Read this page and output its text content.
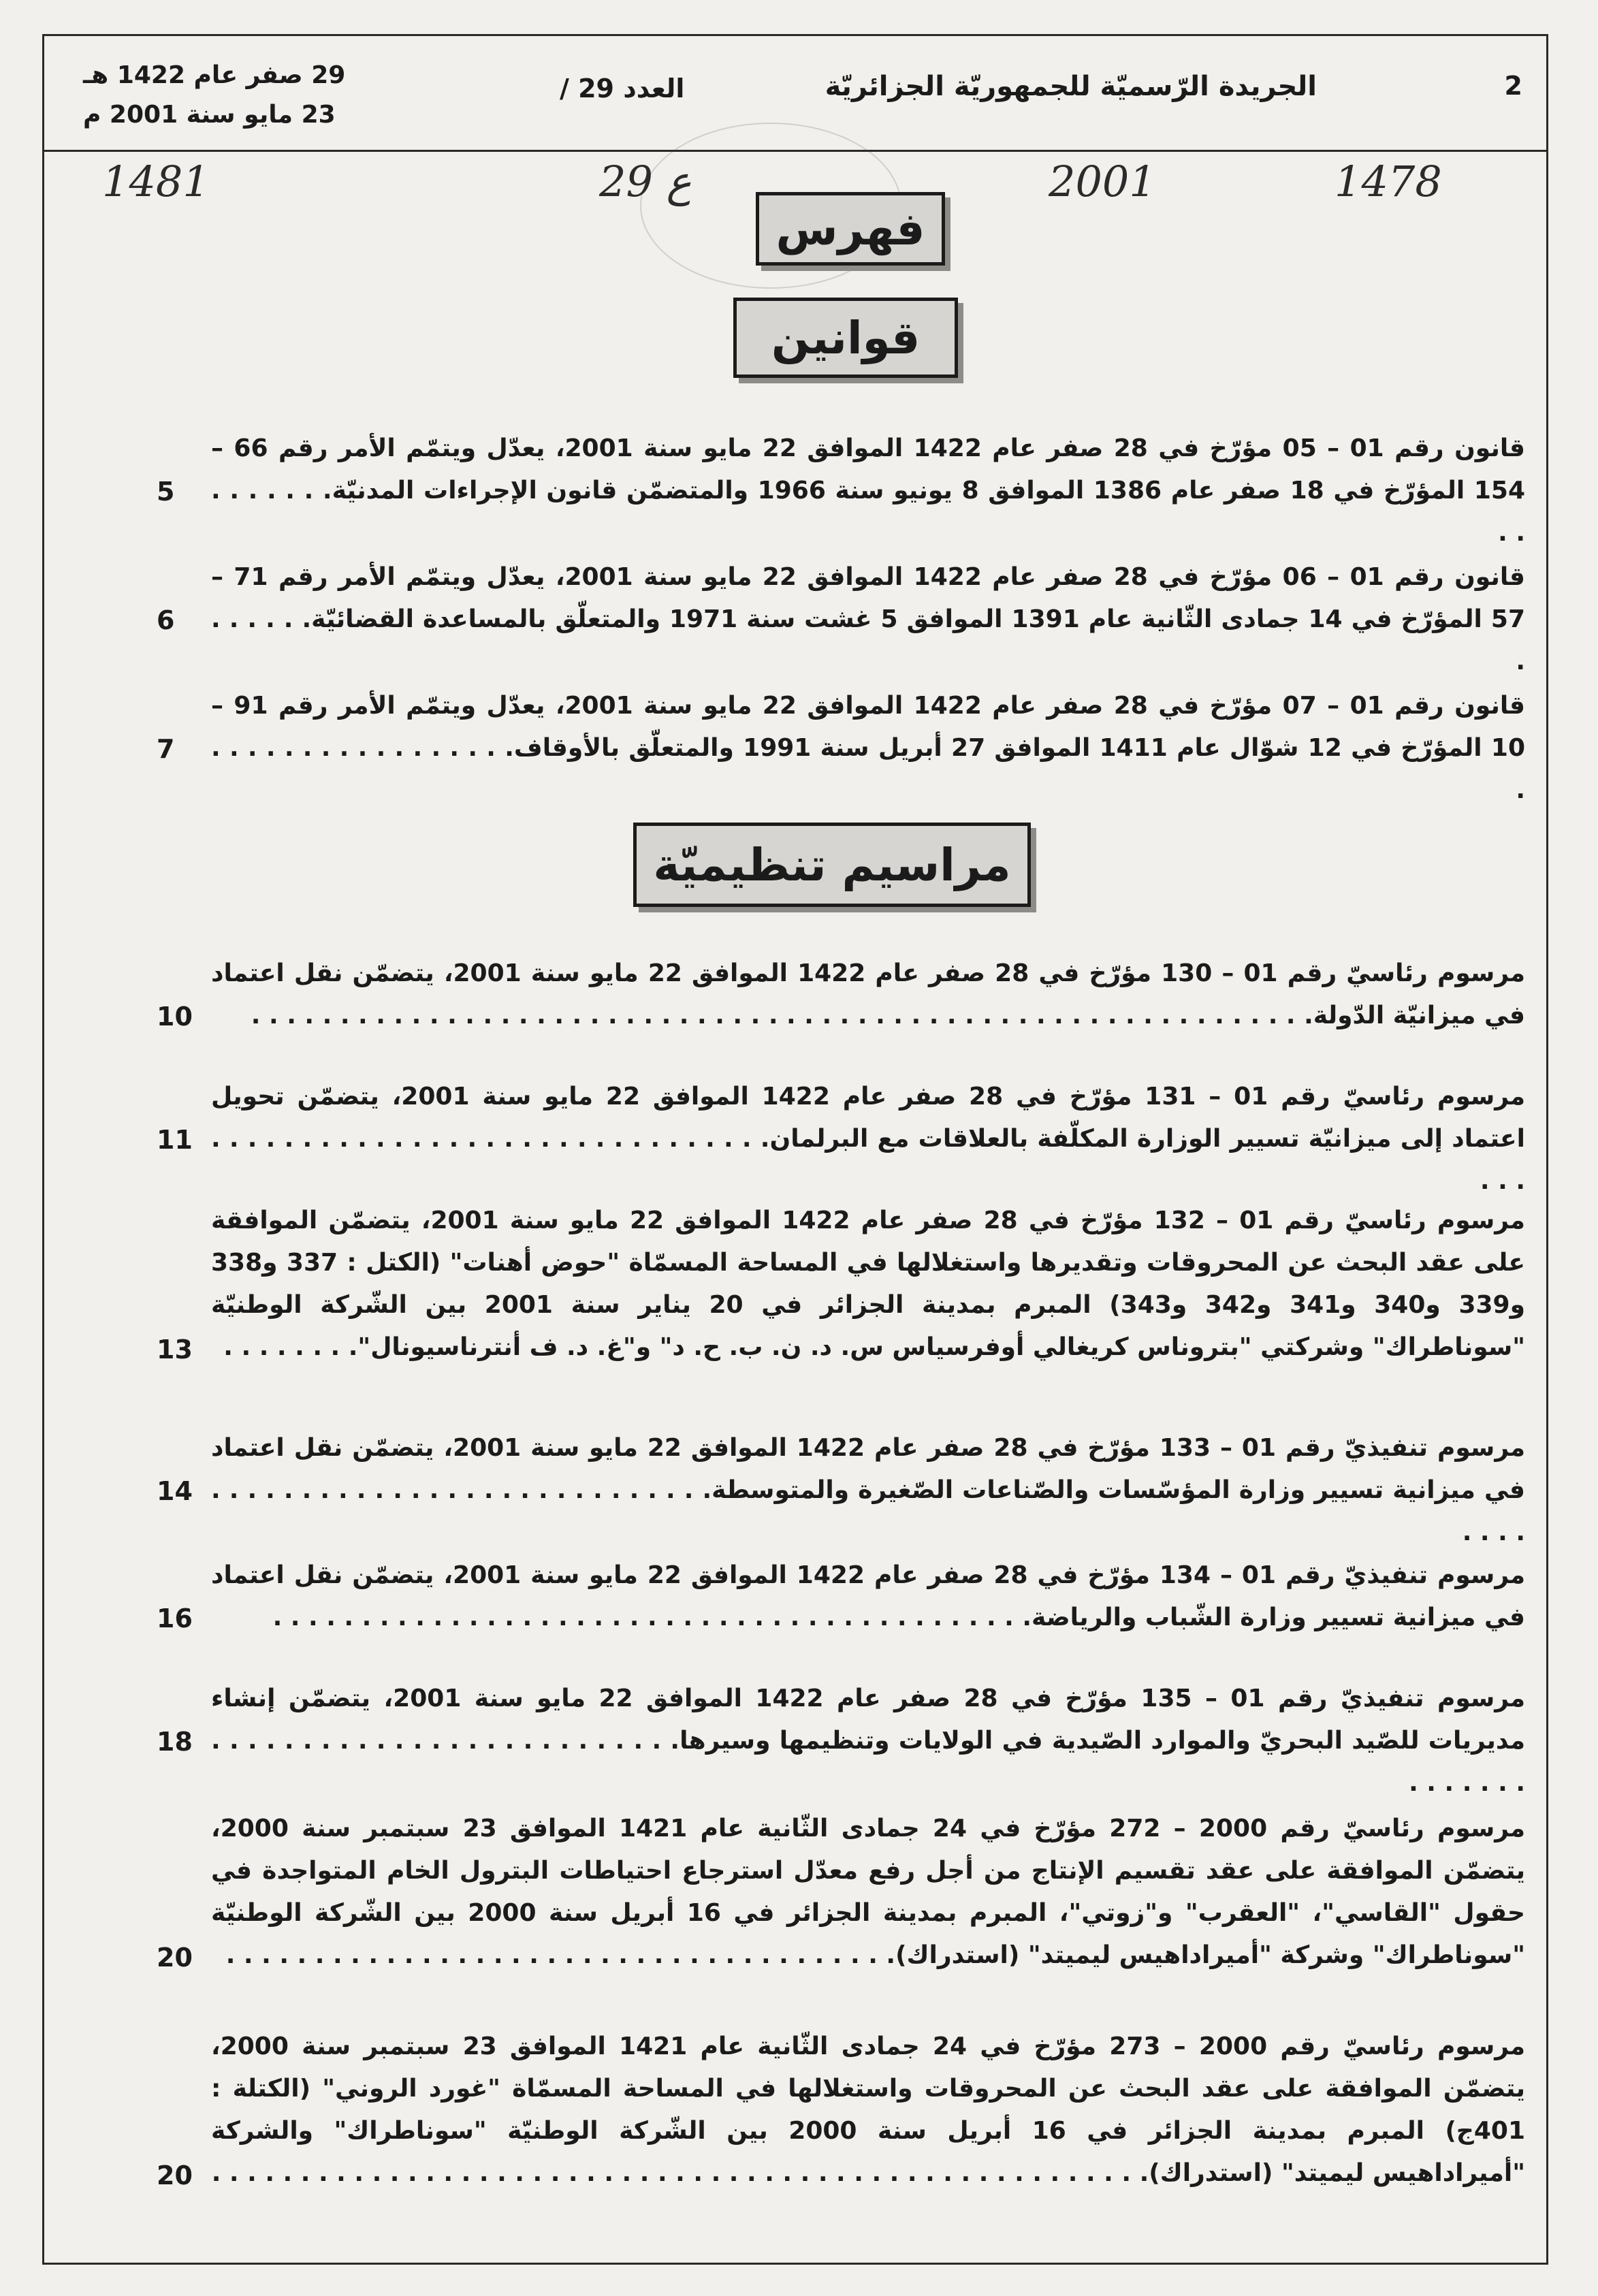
2
الجريدة الرّسميّة للجمهوريّة الجزائريّة
العدد 29 /
29 صفر عام 1422 هـ
23 مايو سنة 2001 م
29 ع	2001	1478
1481
فهرس
قوانين
قانون رقم 01 – 05 مؤرّخ في 28 صفر عام 1422 الموافق 22 مايو سنة 2001، يعدّل ويتمّم الأمر رقم 66 – 154 المؤرّخ في 18 صفر عام 1386 الموافق 8 يونيو سنة 1966 والمتضمّن قانون الإجراءات المدنيّة. . . . . . . . .
5
قانون رقم 01 – 06 مؤرّخ في 28 صفر عام 1422 الموافق 22 مايو سنة 2001، يعدّل ويتمّم الأمر رقم 71 – 57 المؤرّخ في 14 جمادى الثّانية عام 1391 الموافق 5 غشت سنة 1971 والمتعلّق بالمساعدة القضائيّة. . . . . . .
6
قانون رقم 01 – 07 مؤرّخ في 28 صفر عام 1422 الموافق 22 مايو سنة 2001، يعدّل ويتمّم الأمر رقم 91 – 10 المؤرّخ في 12 شوّال عام 1411 الموافق 27 أبريل سنة 1991 والمتعلّق بالأوقاف. . . . . . . . . . . . . . . . . .
7
مراسيم تنظيميّة
مرسوم رئاسيّ رقم 01 – 130 مؤرّخ في 28 صفر عام 1422 الموافق 22 مايو سنة 2001، يتضمّن نقل اعتماد في ميزانيّة الدّولة. . . . . . . . . . . . . . . . . . . . . . . . . . . . . . . . . . . . . . . . . . . . . . . . . . . . . . . . . . . .
10
مرسوم رئاسيّ رقم 01 – 131 مؤرّخ في 28 صفر عام 1422 الموافق 22 مايو سنة 2001، يتضمّن تحويل اعتماد إلى ميزانيّة تسيير الوزارة المكلّفة بالعلاقات مع البرلمان. . . . . . . . . . . . . . . . . . . . . . . . . . . . . . . . . .
11
مرسوم رئاسيّ رقم 01 – 132 مؤرّخ في 28 صفر عام 1422 الموافق 22 مايو سنة 2001، يتضمّن الموافقة على عقد البحث عن المحروقات وتقديرها واستغلالها في المساحة المسمّاة "حوض أهنات" (الكتل : 337 و338 و339 و340 و341 و342 و343) المبرم بمدينة الجزائر في 20 يناير سنة 2001 بين الشّركة الوطنيّة "سوناطراك" وشركتي "بتروناس كريغالي أوفرسياس س. د. ن. ب. ح. د" و"غ. د. ف أنترناسيونال". . . . . . . .
13
مرسوم تنفيذيّ رقم 01 – 133 مؤرّخ في 28 صفر عام 1422 الموافق 22 مايو سنة 2001، يتضمّن نقل اعتماد في ميزانية تسيير وزارة المؤسّسات والصّناعات الصّغيرة والمتوسطة. . . . . . . . . . . . . . . . . . . . . . . . . . . . . . . .
14
مرسوم تنفيذيّ رقم 01 – 134 مؤرّخ في 28 صفر عام 1422 الموافق 22 مايو سنة 2001، يتضمّن نقل اعتماد في ميزانية تسيير وزارة الشّباب والرياضة. . . . . . . . . . . . . . . . . . . . . . . . . . . . . . . . . . . . . . . . . . .
16
مرسوم تنفيذيّ رقم 01 – 135 مؤرّخ في 28 صفر عام 1422 الموافق 22 مايو سنة 2001، يتضمّن إنشاء مديريات للصّيد البحريّ والموارد الصّيدية في الولايات وتنظيمها وسيرها. . . . . . . . . . . . . . . . . . . . . . . . . . . . . . . . .
18
مرسوم رئاسيّ رقم 2000 – 272 مؤرّخ في 24 جمادى الثّانية عام 1421 الموافق 23 سبتمبر سنة 2000، يتضمّن الموافقة على عقد تقسيم الإنتاج من أجل رفع معدّل استرجاع احتياطات البترول الخام المتواجدة في حقول "القاسي"، "العقرب" و"زوتي"، المبرم بمدينة الجزائر في 16 أبريل سنة 2000 بين الشّركة الوطنيّة "سوناطراك" وشركة "أميراداهيس ليميتد" (استدراك). . . . . . . . . . . . . . . . . . . . . . . . . . . . . . . . . . . . . .
20
مرسوم رئاسيّ رقم 2000 – 273 مؤرّخ في 24 جمادى الثّانية عام 1421 الموافق 23 سبتمبر سنة 2000، يتضمّن الموافقة على عقد البحث عن المحروقات واستغلالها في المساحة المسمّاة "غورد الروني" (الكتلة : 401ج) المبرم بمدينة الجزائر في 16 أبريل سنة 2000 بين الشّركة الوطنيّة "سوناطراك" والشركة "أميراداهيس ليميتد" (استدراك). . . . . . . . . . . . . . . . . . . . . . . . . . . . . . . . . . . . . . . . . . . . . . . . . . . . .
20
